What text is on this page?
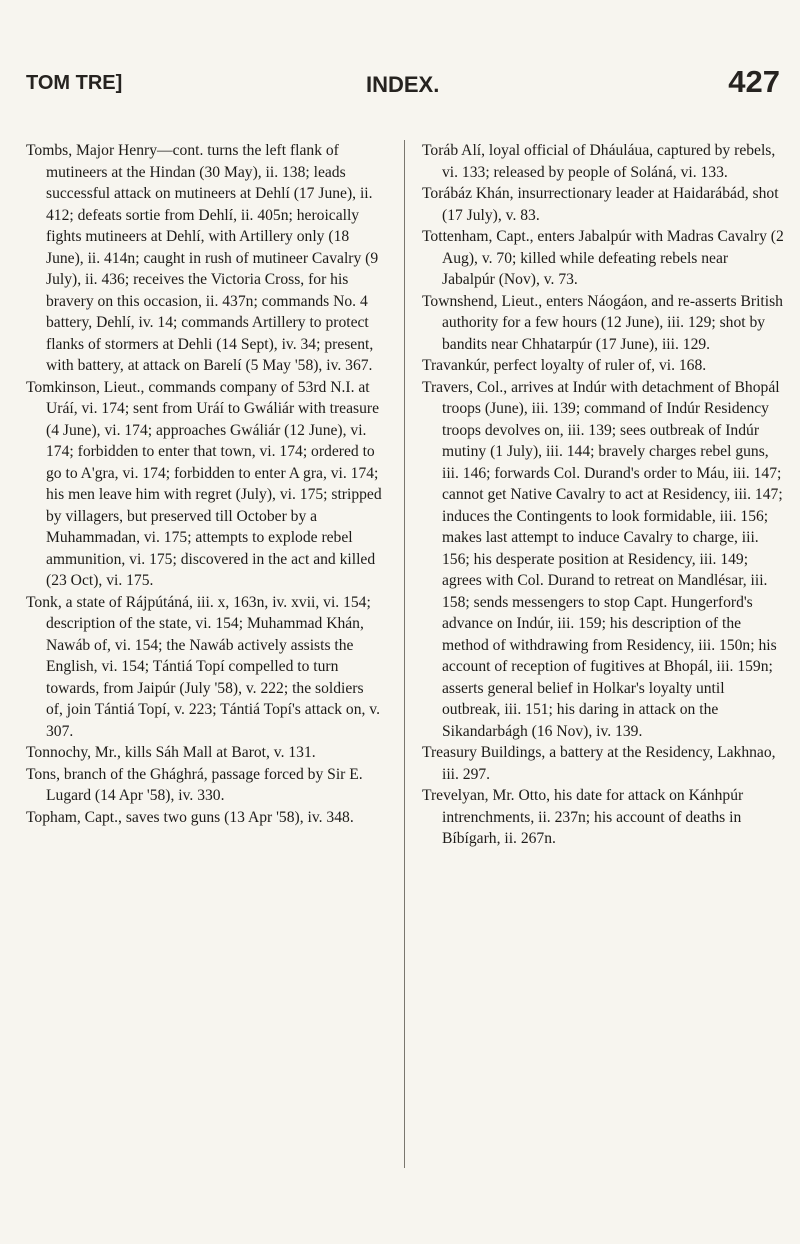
TOM TRE]	INDEX.	427

Tombs, Major Henry—cont. turns the left flank of mutineers at the Hindan (30 May), ii. 138; leads successful attack on mutineers at Dehlí (17 June), ii. 412; defeats sortie from Dehlí, ii. 405n; heroically fights mutineers at Dehlí, with Artillery only (18 June), ii. 414n; caught in rush of mutineer Cavalry (9 July), ii. 436; receives the Victoria Cross, for his bravery on this occasion, ii. 437n; commands No. 4 battery, Dehlí, iv. 14; commands Artillery to protect flanks of stormers at Dehli (14 Sept), iv. 34; present, with battery, at attack on Barelí (5 May '58), iv. 367.

Tomkinson, Lieut., commands company of 53rd N.I. at Uráí, vi. 174; sent from Uráí to Gwáliár with treasure (4 June), vi. 174; approaches Gwáliár (12 June), vi. 174; forbidden to enter that town, vi. 174; ordered to go to A'gra, vi. 174; forbidden to enter A gra, vi. 174; his men leave him with regret (July), vi. 175; stripped by villagers, but preserved till October by a Muhammadan, vi. 175; attempts to explode rebel ammunition, vi. 175; discovered in the act and killed (23 Oct), vi. 175.

Tonk, a state of Rájpútáná, iii. x, 163n, iv. xvii, vi. 154; description of the state, vi. 154; Muhammad Khán, Nawáb of, vi. 154; the Nawáb actively assists the English, vi. 154; Tántiá Topí compelled to turn towards, from Jaipúr (July '58), v. 222; the soldiers of, join Tántiá Topí, v. 223; Tántiá Topí's attack on, v. 307.

Tonnochy, Mr., kills Sáh Mall at Barot, v. 131.

Tons, branch of the Ghághrá, passage forced by Sir E. Lugard (14 Apr '58), iv. 330.

Topham, Capt., saves two guns (13 Apr '58), iv. 348.

Toráb Alí, loyal official of Dháuláua, captured by rebels, vi. 133; released by people of Soláná, vi. 133.

Torábáz Khán, insurrectionary leader at Haidarábád, shot (17 July), v. 83.

Tottenham, Capt., enters Jabalpúr with Madras Cavalry (2 Aug), v. 70; killed while defeating rebels near Jabalpúr (Nov), v. 73.

Townshend, Lieut., enters Náogáon, and re-asserts British authority for a few hours (12 June), iii. 129; shot by bandits near Chhatarpúr (17 June), iii. 129.

Travankúr, perfect loyalty of ruler of, vi. 168.

Travers, Col., arrives at Indúr with detachment of Bhopál troops (June), iii. 139; command of Indúr Residency troops devolves on, iii. 139; sees outbreak of Indúr mutiny (1 July), iii. 144; bravely charges rebel guns, iii. 146; forwards Col. Durand's order to Máu, iii. 147; cannot get Native Cavalry to act at Residency, iii. 147; induces the Contingents to look formidable, iii. 156; makes last attempt to induce Cavalry to charge, iii. 156; his desperate position at Residency, iii. 149; agrees with Col. Durand to retreat on Mandlésar, iii. 158; sends messengers to stop Capt. Hungerford's advance on Indúr, iii. 159; his description of the method of withdrawing from Residency, iii. 150n; his account of reception of fugitives at Bhopál, iii. 159n; asserts general belief in Holkar's loyalty until outbreak, iii. 151; his daring in attack on the Sikandarbágh (16 Nov), iv. 139.

Treasury Buildings, a battery at the Residency, Lakhnao, iii. 297.

Trevelyan, Mr. Otto, his date for attack on Kánhpúr intrenchments, ii. 237n; his account of deaths in Bíbígarh, ii. 267n.
